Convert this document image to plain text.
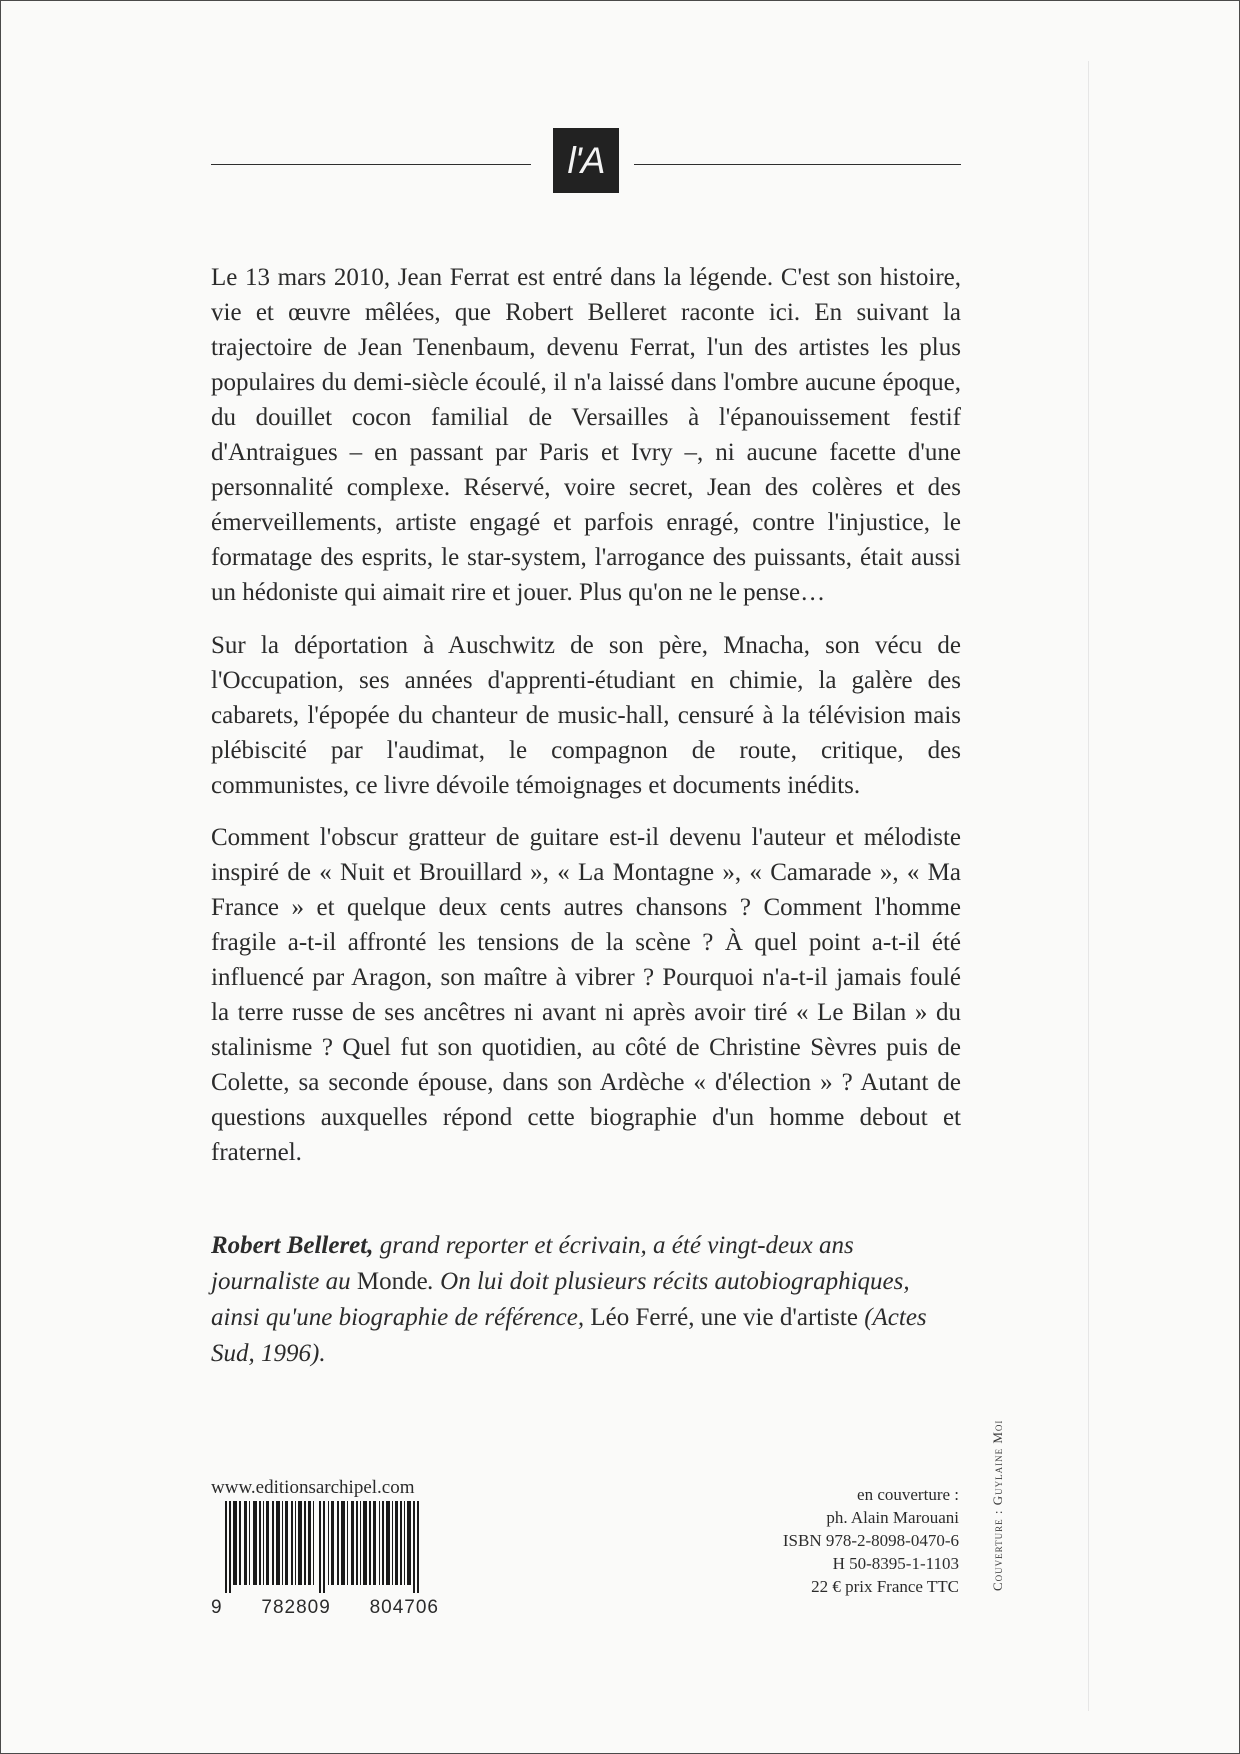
l'A

Le 13 mars 2010, Jean Ferrat est entré dans la légende. C'est son histoire, vie et œuvre mêlées, que Robert Belleret raconte ici. En suivant la trajectoire de Jean Tenenbaum, devenu Ferrat, l'un des artistes les plus populaires du demi-siècle écoulé, il n'a laissé dans l'ombre aucune époque, du douillet cocon familial de Versailles à l'épanouissement festif d'Antraigues – en passant par Paris et Ivry –, ni aucune facette d'une personnalité complexe. Réservé, voire secret, Jean des colères et des émerveillements, artiste engagé et parfois enragé, contre l'injustice, le formatage des esprits, le star-system, l'arrogance des puissants, était aussi un hédoniste qui aimait rire et jouer. Plus qu'on ne le pense…

Sur la déportation à Auschwitz de son père, Mnacha, son vécu de l'Occupation, ses années d'apprenti-étudiant en chimie, la galère des cabarets, l'épopée du chanteur de music-hall, censuré à la télévision mais plébiscité par l'audimat, le compagnon de route, critique, des communistes, ce livre dévoile témoignages et documents inédits.

Comment l'obscur gratteur de guitare est-il devenu l'auteur et mélodiste inspiré de « Nuit et Brouillard », « La Montagne », « Camarade », « Ma France » et quelque deux cents autres chansons ? Comment l'homme fragile a-t-il affronté les tensions de la scène ? À quel point a-t-il été influencé par Aragon, son maître à vibrer ? Pourquoi n'a-t-il jamais foulé la terre russe de ses ancêtres ni avant ni après avoir tiré « Le Bilan » du stalinisme ? Quel fut son quotidien, au côté de Christine Sèvres puis de Colette, sa seconde épouse, dans son Ardèche « d'élection » ? Autant de questions auxquelles répond cette biographie d'un homme debout et fraternel.

Robert Belleret, grand reporter et écrivain, a été vingt-deux ans journaliste au Monde. On lui doit plusieurs récits autobiographiques, ainsi qu'une biographie de référence, Léo Ferré, une vie d'artiste (Actes Sud, 1996).

www.editionsarchipel.com
9 782809 804706
en couverture :
ph. Alain Marouani
ISBN 978-2-8098-0470-6
H 50-8395-1-1103
22 € prix France TTC Couverture : Guylaine Moi
